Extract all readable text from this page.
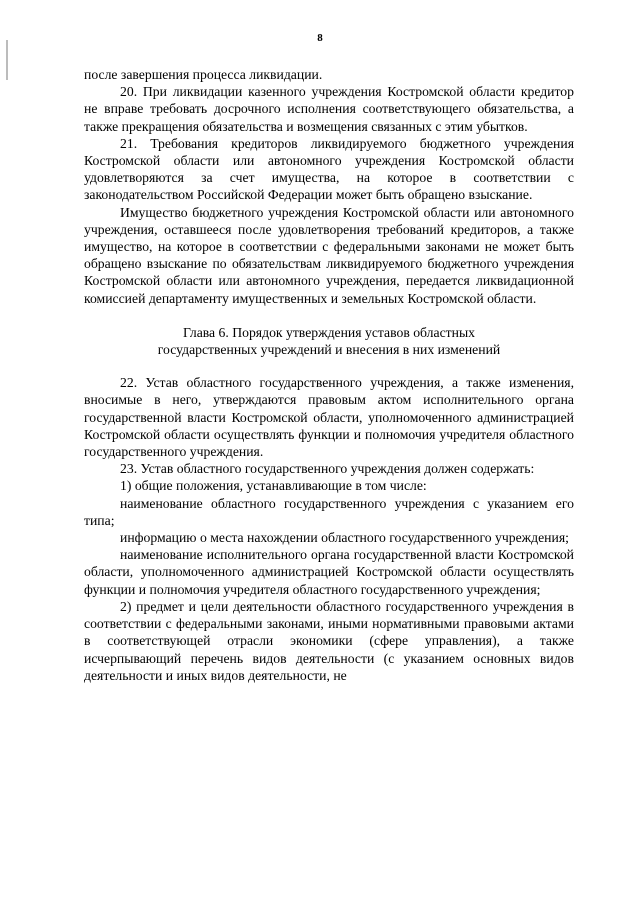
8

после завершения процесса ликвидации.

20. При ликвидации казенного учреждения Костромской области кредитор не вправе требовать досрочного исполнения соответствующего обязательства, а также прекращения обязательства и возмещения связанных с этим убытков.

21. Требования кредиторов ликвидируемого бюджетного учреждения Костромской области или автономного учреждения Костромской области удовлетворяются за счет имущества, на которое в соответствии с законодательством Российской Федерации может быть обращено взыскание.

Имущество бюджетного учреждения Костромской области или автономного учреждения, оставшееся после удовлетворения требований кредиторов, а также имущество, на которое в соответствии с федеральными законами не может быть обращено взыскание по обязательствам ликвидируемого бюджетного учреждения Костромской области или автономного учреждения, передается ликвидационной комиссией департаменту имущественных и земельных Костромской области.

Глава 6. Порядок утверждения уставов областных
государственных учреждений и внесения в них изменений

22. Устав областного государственного учреждения, а также изменения, вносимые в него, утверждаются правовым актом исполнительного органа государственной власти Костромской области, уполномоченного администрацией Костромской области осуществлять функции и полномочия учредителя областного государственного учреждения.

23. Устав областного государственного учреждения должен содержать:

1) общие положения, устанавливающие в том числе:

наименование областного государственного учреждения с указанием его типа;

информацию о места нахождении областного государственного учреждения;

наименование исполнительного органа государственной власти Костромской области, уполномоченного администрацией Костромской области осуществлять функции и полномочия учредителя областного государственного учреждения;

2) предмет и цели деятельности областного государственного учреждения в соответствии с федеральными законами, иными нормативными правовыми актами в соответствующей отрасли экономики (сфере управления), а также исчерпывающий перечень видов деятельности (с указанием основных видов деятельности и иных видов деятельности, не
